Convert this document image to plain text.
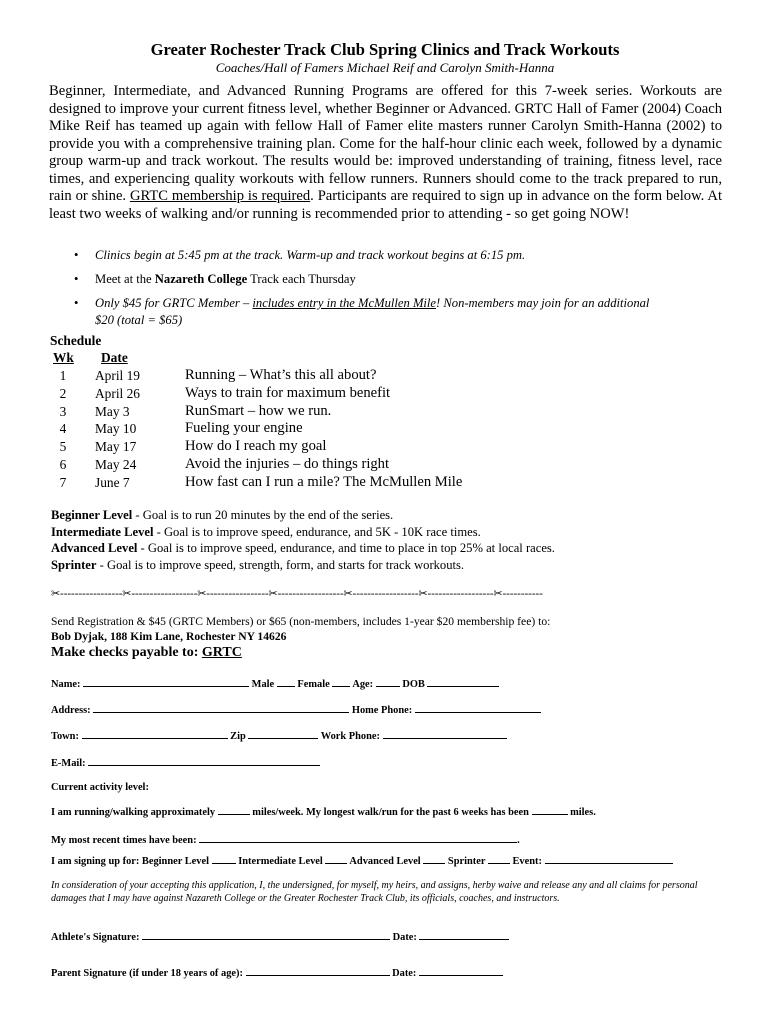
Greater Rochester Track Club Spring Clinics and Track Workouts
Coaches/Hall of Famers Michael Reif and Carolyn Smith-Hanna
Beginner, Intermediate, and Advanced Running Programs are offered for this 7-week series. Workouts are designed to improve your current fitness level, whether Beginner or Advanced. GRTC Hall of Famer (2004) Coach Mike Reif has teamed up again with fellow Hall of Famer elite masters runner Carolyn Smith-Hanna (2002) to provide you with a comprehensive training plan. Come for the half-hour clinic each week, followed by a dynamic group warm-up and track workout. The results would be: improved understanding of training, fitness level, race times, and experiencing quality workouts with fellow runners. Runners should come to the track prepared to run, rain or shine. GRTC membership is required. Participants are required to sign up in advance on the form below. At least two weeks of walking and/or running is recommended prior to attending - so get going NOW!
• Clinics begin at 5:45 pm at the track. Warm-up and track workout begins at 6:15 pm.
• Meet at the Nazareth College Track each Thursday
• Only $45 for GRTC Member – includes entry in the McMullen Mile! Non-members may join for an additional
$20 (total = $65)
Schedule
Wk Date
1	April 19	Running – What’s this all about?
2	April 26	Ways to train for maximum benefit
3	May 3	RunSmart – how we run.
4	May 10	Fueling your engine
5	May 17	How do I reach my goal
6	May 24	Avoid the injuries – do things right
7	June 7	How fast can I run a mile? The McMullen Mile
Beginner Level - Goal is to run 20 minutes by the end of the series.
Intermediate Level - Goal is to improve speed, endurance, and 5K - 10K race times.
Advanced Level - Goal is to improve speed, endurance, and time to place in top 25% at local races.
Sprinter - Goal is to improve speed, strength, form, and starts for track workouts.
✂-----------------✂------------------✂-----------------✂------------------✂------------------✂------------------✂-----------
Send Registration & $45 (GRTC Members) or $65 (non-members, includes 1-year $20 membership fee) to:
Bob Dyjak, 188 Kim Lane, Rochester NY 14626
Make checks payable to: GRTC
Name:	Male Female Age:	DOB
Address:	Home Phone:
Town:	Zip	Work Phone:
E-Mail:
Current activity level:
I am running/walking approximately	miles/week. My longest walk/run for the past 6 weeks has been	miles.
My most recent times have been:	.
I am signing up for: Beginner Level	Intermediate Level	Advanced Level	Sprinter	Event:
In consideration of your accepting this application, I, the undersigned, for myself, my heirs, and assigns, herby waive and release any and all claims for personal damages that I may have against Nazareth College or the Greater Rochester Track Club, its officials, coaches, and instructors.
Athlete's Signature:	Date:
Parent Signature (if under 18 years of age):	Date:
